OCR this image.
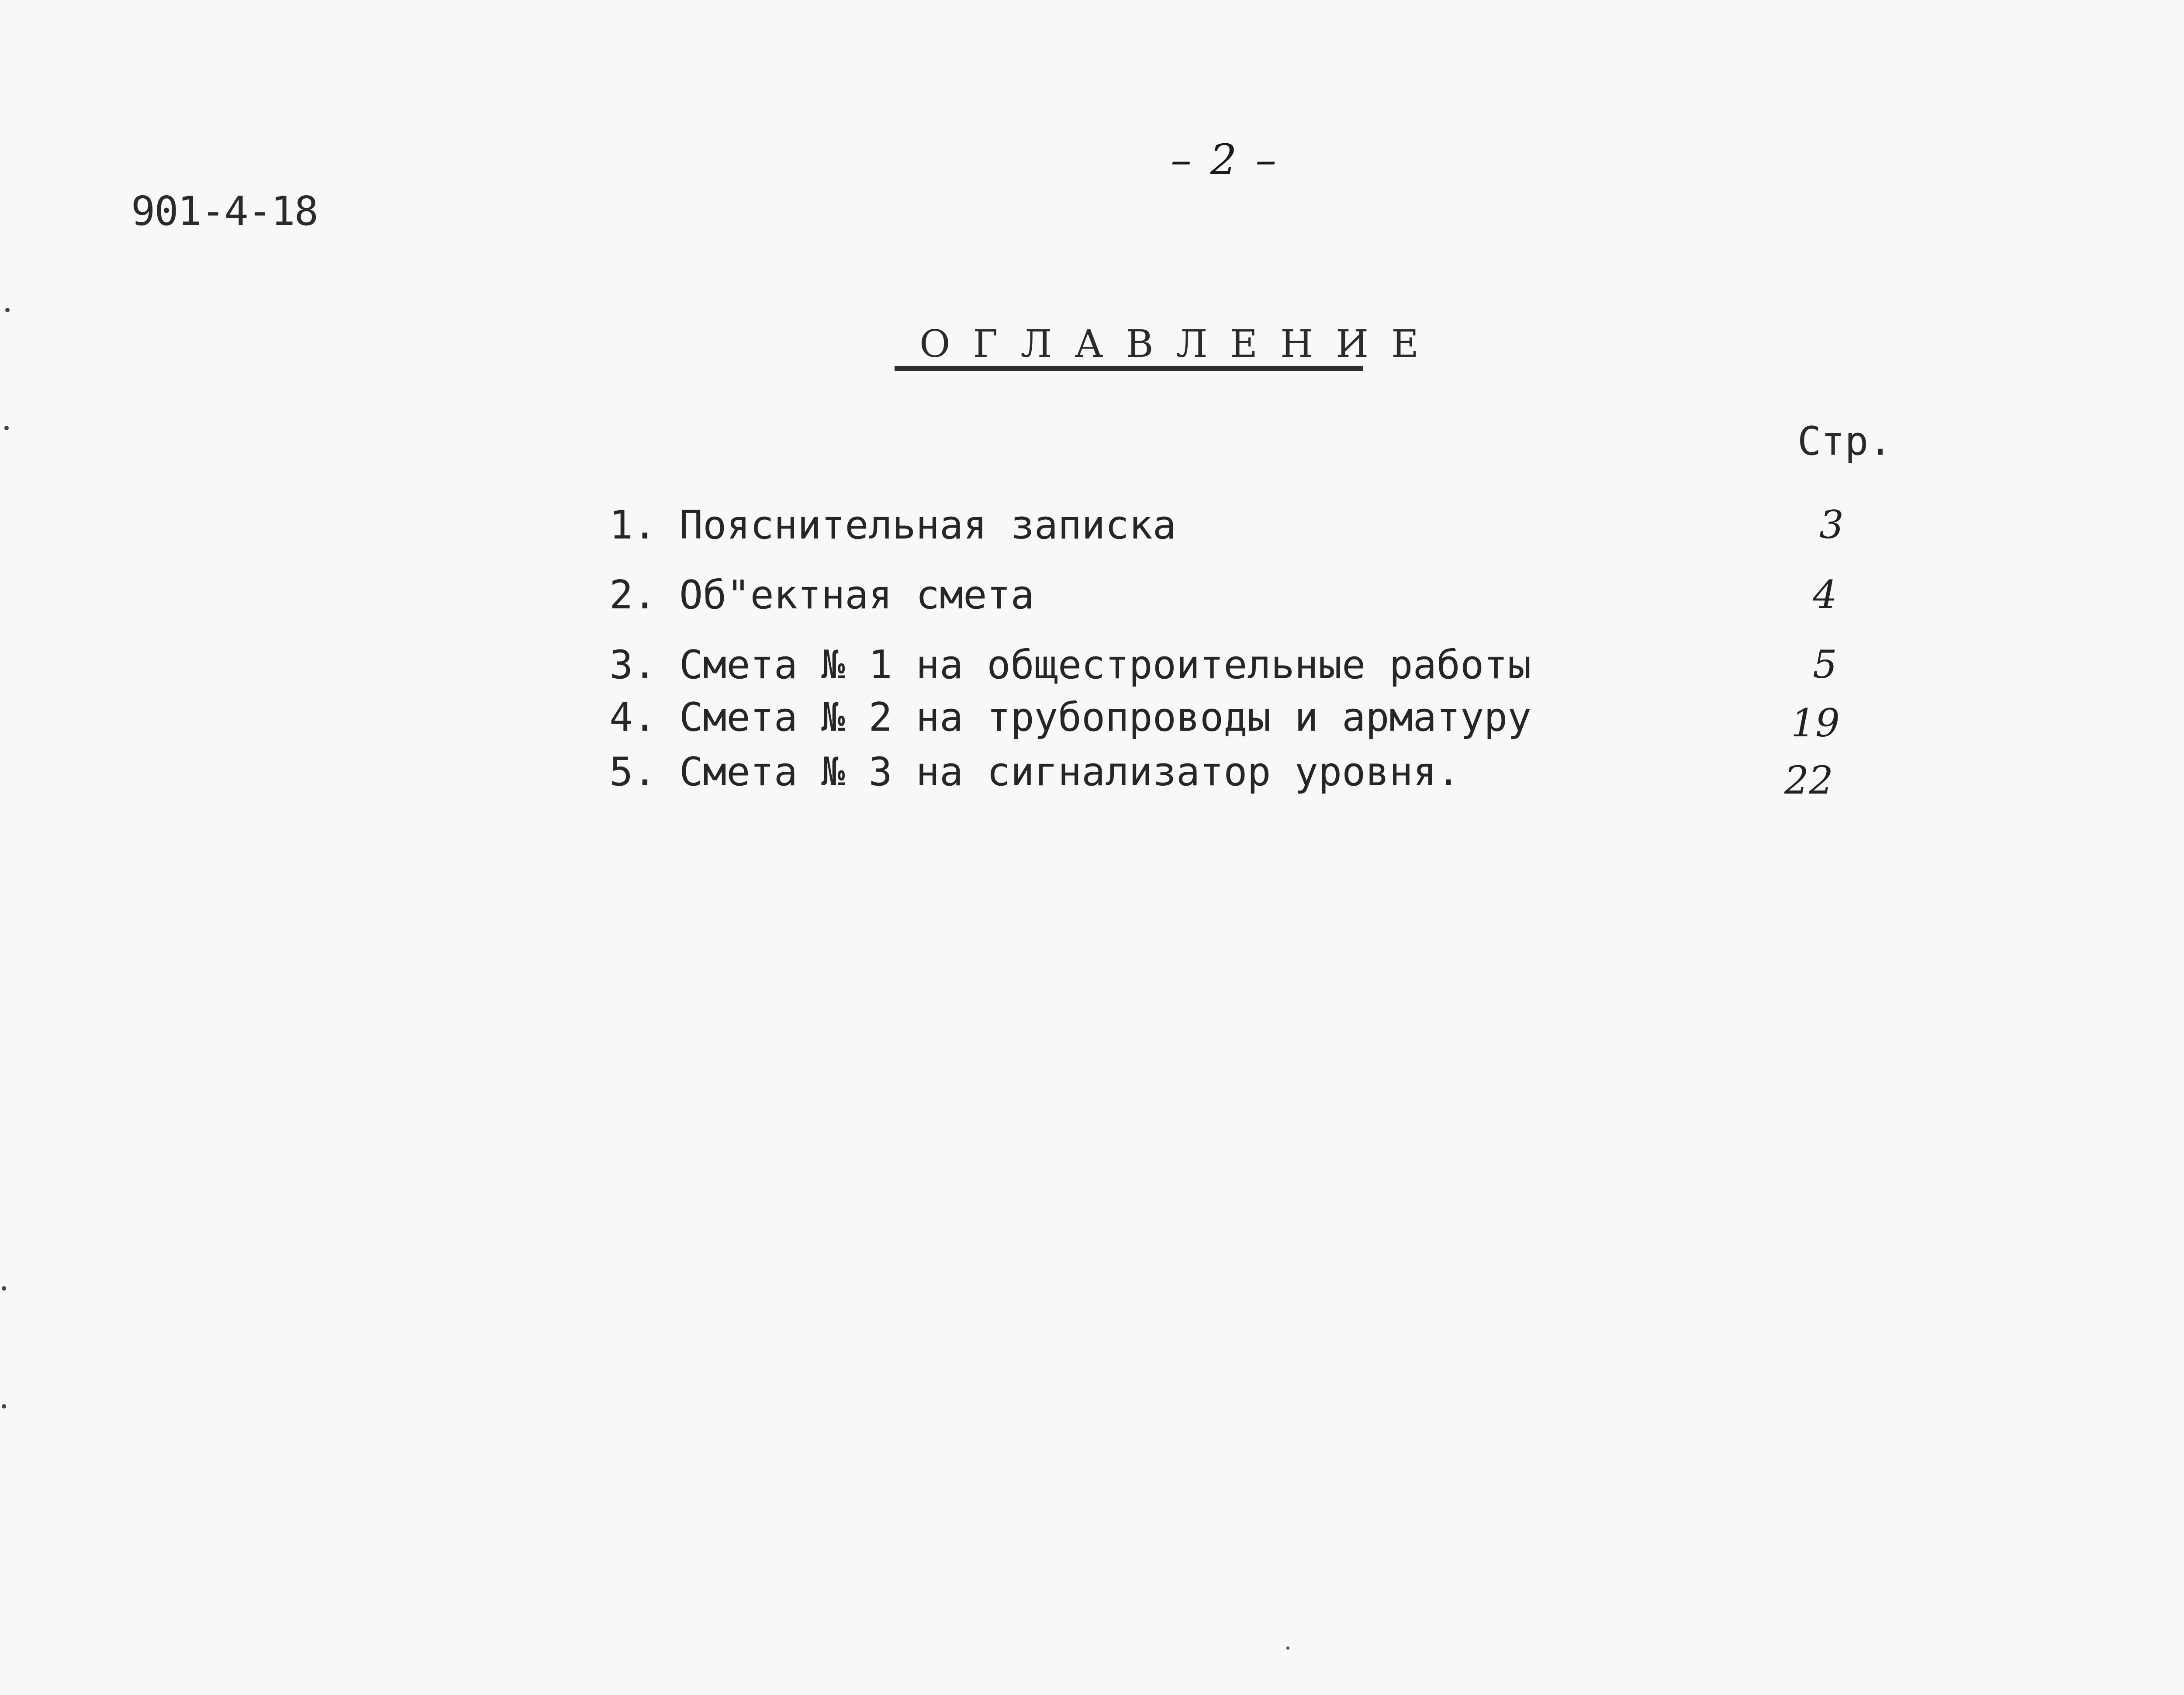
– 2 –
901-4-18
ОГЛАВЛЕНИЕ
Стр.
1. Пояснительная записка	3
2. Об"ектная смета	4
3. Смета № 1 на общестроительные работы	5
4. Смета № 2 на трубопроводы и арматуру	19
5. Смета № 3 на сигнализатор уровня.	22
